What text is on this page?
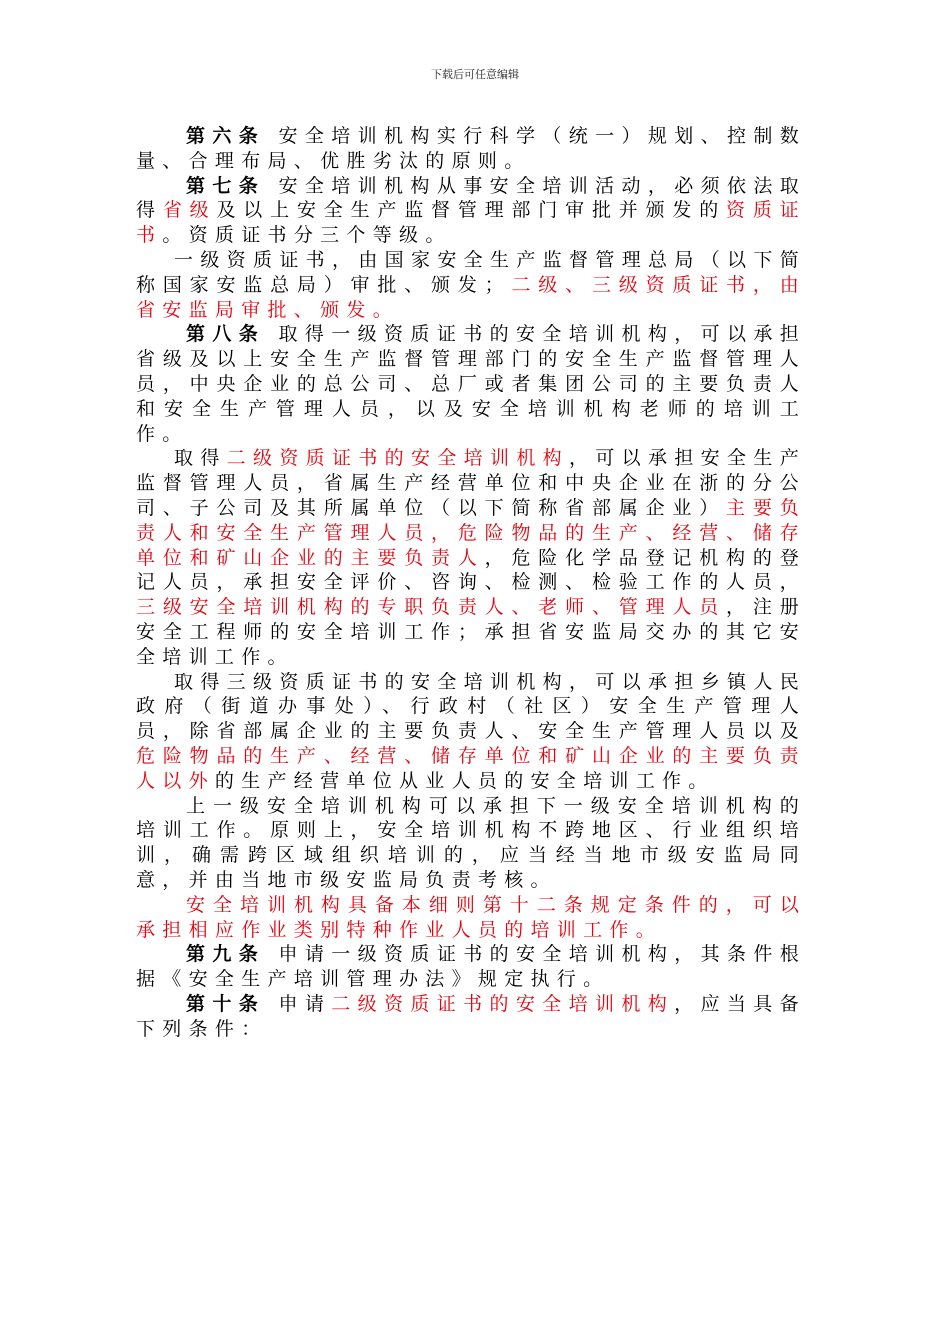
下载后可任意编辑

第六条 安全培训机构实行科学（统一）规划、控制数量、合理布局、优胜劣汰的原则。

第七条 安全培训机构从事安全培训活动，必须依法取得省级及以上安全生产监督管理部门审批并颁发的资质证书。资质证书分三个等级。

一级资质证书，由国家安全生产监督管理总局（以下简称国家安监总局）审批、颁发；二级、三级资质证书，由省安监局审批、颁发。

第八条 取得一级资质证书的安全培训机构，可以承担省级及以上安全生产监督管理部门的安全生产监督管理人员，中央企业的总公司、总厂或者集团公司的主要负责人和安全生产管理人员，以及安全培训机构老师的培训工作。

取得二级资质证书的安全培训机构，可以承担安全生产监督管理人员，省属生产经营单位和中央企业在浙的分公司、子公司及其所属单位（以下简称省部属企业）主要负责人和安全生产管理人员，危险物品的生产、经营、储存单位和矿山企业的主要负责人，危险化学品登记机构的登记人员，承担安全评价、咨询、检测、检验工作的人员，三级安全培训机构的专职负责人、老师、管理人员，注册安全工程师的安全培训工作；承担省安监局交办的其它安全培训工作。

取得三级资质证书的安全培训机构，可以承担乡镇人民政府（街道办事处）、行政村（社区）安全生产管理人员，除省部属企业的主要负责人、安全生产管理人员以及危险物品的生产、经营、储存单位和矿山企业的主要负责人以外的生产经营单位从业人员的安全培训工作。

上一级安全培训机构可以承担下一级安全培训机构的培训工作。原则上，安全培训机构不跨地区、行业组织培训，确需跨区域组织培训的，应当经当地市级安监局同意，并由当地市级安监局负责考核。

安全培训机构具备本细则第十二条规定条件的，可以承担相应作业类别特种作业人员的培训工作。

第九条 申请一级资质证书的安全培训机构，其条件根据《安全生产培训管理办法》规定执行。

第十条 申请二级资质证书的安全培训机构，应当具备下列条件：
